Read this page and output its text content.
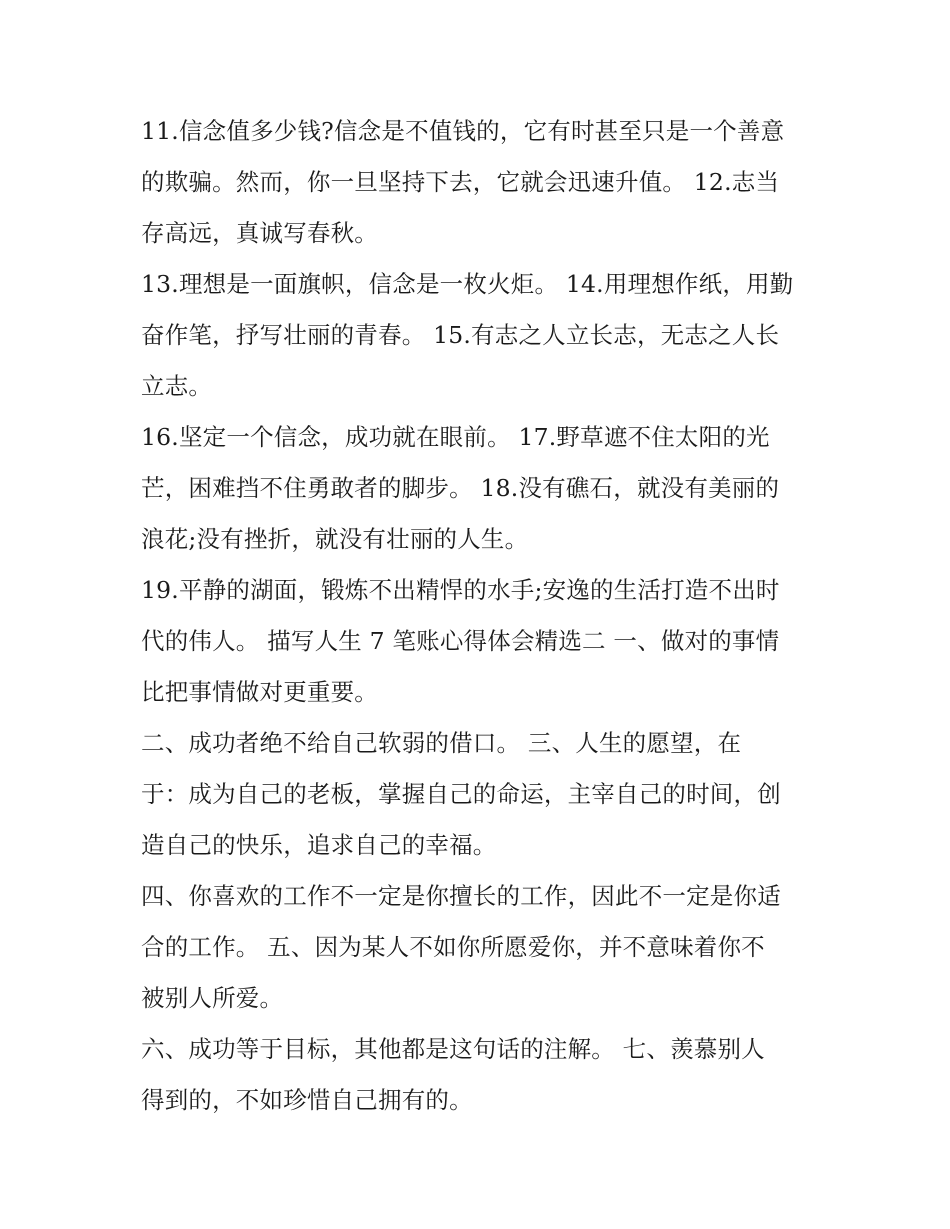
11.信念值多少钱?信念是不值钱的，它有时甚至只是一个善意
的欺骗。然而，你一旦坚持下去，它就会迅速升值。 12.志当
存高远，真诚写春秋。
13.理想是一面旗帜，信念是一枚火炬。 14.用理想作纸，用勤
奋作笔，抒写壮丽的青春。 15.有志之人立长志，无志之人长
立志。
16.坚定一个信念，成功就在眼前。 17.野草遮不住太阳的光
芒，困难挡不住勇敢者的脚步。 18.没有礁石，就没有美丽的
浪花;没有挫折，就没有壮丽的人生。
19.平静的湖面，锻炼不出精悍的水手;安逸的生活打造不出时
代的伟人。 描写人生 7 笔账心得体会精选二 一、做对的事情
比把事情做对更重要。
二、成功者绝不给自己软弱的借口。 三、人生的愿望，在
于：成为自己的老板，掌握自己的命运，主宰自己的时间，创
造自己的快乐，追求自己的幸福。
四、你喜欢的工作不一定是你擅长的工作，因此不一定是你适
合的工作。 五、因为某人不如你所愿爱你，并不意味着你不
被别人所爱。
六、成功等于目标，其他都是这句话的注解。 七、羡慕别人
得到的，不如珍惜自己拥有的。
